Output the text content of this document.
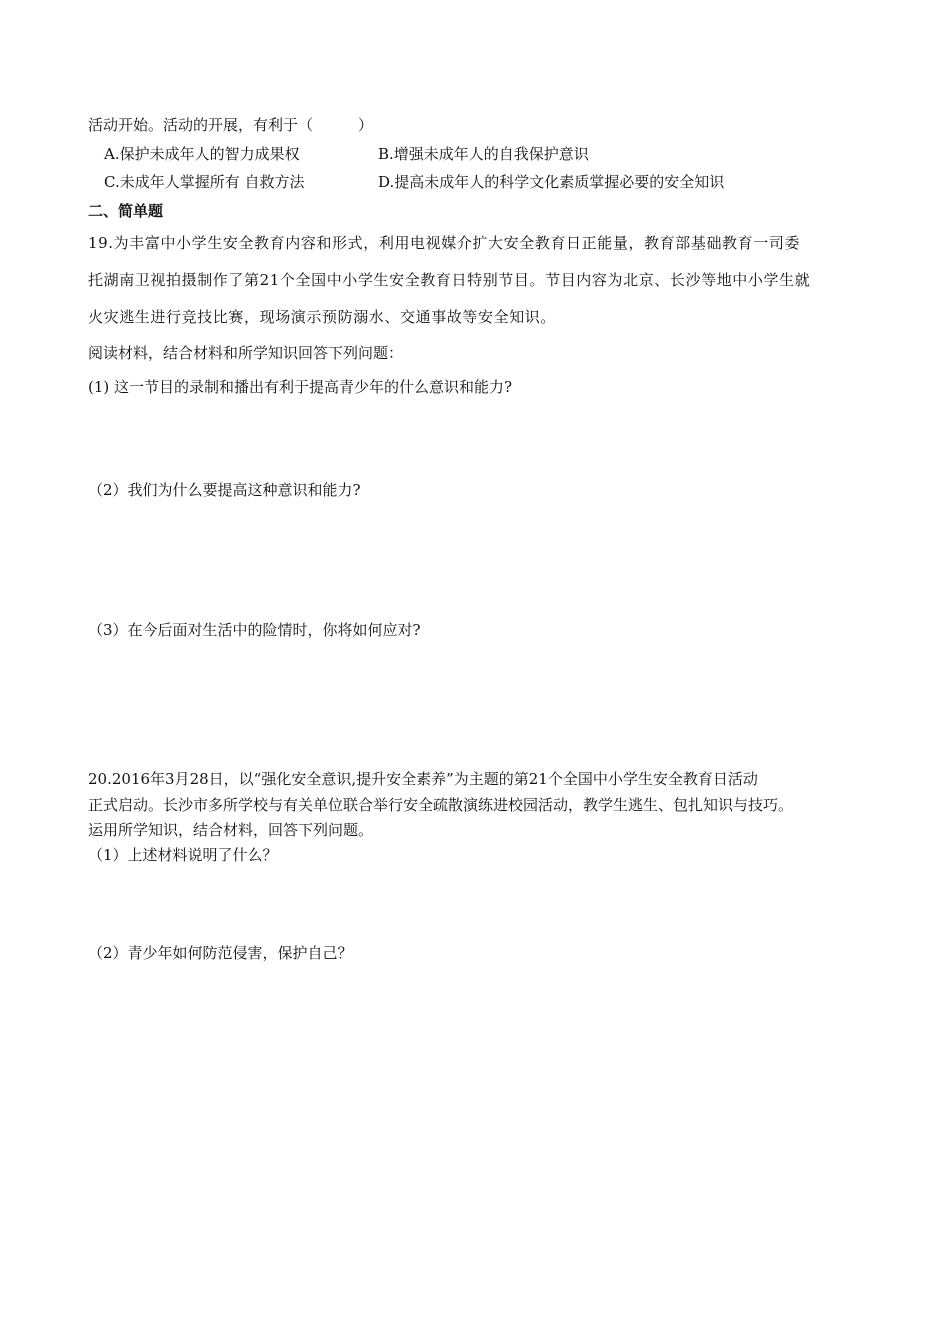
活动开始。活动的开展，有利于（　　　）
A.保护未成年人的智力成果权	B.增强未成年人的自我保护意识
C.未成年人掌握所有 自救方法	D.提高未成年人的科学文化素质掌握必要的安全知识
二、简单题
19.为丰富中小学生安全教育内容和形式，利用电视媒介扩大安全教育日正能量，教育部基础教育一司委
托湖南卫视拍摄制作了第21个全国中小学生安全教育日特别节目。节目内容为北京、长沙等地中小学生就
火灾逃生进行竞技比赛，现场演示预防溺水、交通事故等安全知识。
阅读材料，结合材料和所学知识回答下列问题：
(1) 这一节目的录制和播出有利于提高青少年的什么意识和能力?
（2）我们为什么要提高这种意识和能力?
（3）在今后面对生活中的险情时，你将如何应对?
20.2016年3月28日，以“强化安全意识,提升安全素养”为主题的第21个全国中小学生安全教育日活动
正式启动。长沙市多所学校与有关单位联合举行安全疏散演练进校园活动，教学生逃生、包扎知识与技巧。
运用所学知识，结合材料，回答下列问题。
（1）上述材料说明了什么？
（2）青少年如何防范侵害，保护自己？
